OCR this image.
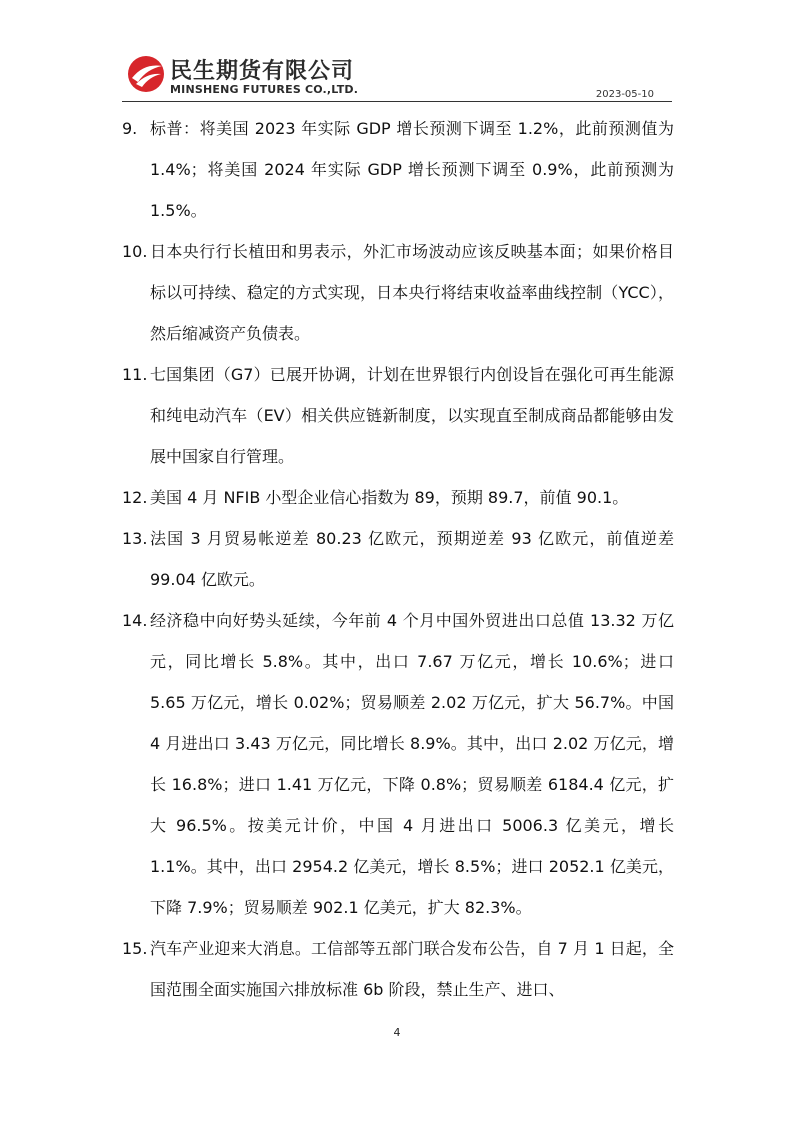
民生期货有限公司
MINSHENG FUTURES CO.,LTD.	2023-05-10
9. 标普：将美国 2023 年实际 GDP 增长预测下调至 1.2%，此前预测值为 1.4%；将美国 2024 年实际 GDP 增长预测下调至 0.9%，此前预测为 1.5%。
10. 日本央行行长植田和男表示，外汇市场波动应该反映基本面；如果价格目标以可持续、稳定的方式实现，日本央行将结束收益率曲线控制（YCC），然后缩减资产负债表。
11. 七国集团（G7）已展开协调，计划在世界银行内创设旨在强化可再生能源和纯电动汽车（EV）相关供应链新制度，以实现直至制成商品都能够由发展中国家自行管理。
12. 美国 4 月 NFIB 小型企业信心指数为 89，预期 89.7，前值 90.1。
13. 法国 3 月贸易帐逆差 80.23 亿欧元，预期逆差 93 亿欧元，前值逆差 99.04 亿欧元。
14. 经济稳中向好势头延续，今年前 4 个月中国外贸进出口总值 13.32 万亿元，同比增长 5.8%。其中，出口 7.67 万亿元，增长 10.6%；进口 5.65 万亿元，增长 0.02%；贸易顺差 2.02 万亿元，扩大 56.7%。中国 4 月进出口 3.43 万亿元，同比增长 8.9%。其中，出口 2.02 万亿元，增长 16.8%；进口 1.41 万亿元，下降 0.8%；贸易顺差 6184.4 亿元，扩大 96.5%。按美元计价，中国 4 月进出口 5006.3 亿美元，增长 1.1%。其中，出口 2954.2 亿美元，增长 8.5%；进口 2052.1 亿美元，下降 7.9%；贸易顺差 902.1 亿美元，扩大 82.3%。
15. 汽车产业迎来大消息。工信部等五部门联合发布公告，自 7 月 1 日起，全国范围全面实施国六排放标准 6b 阶段，禁止生产、进口、
4
